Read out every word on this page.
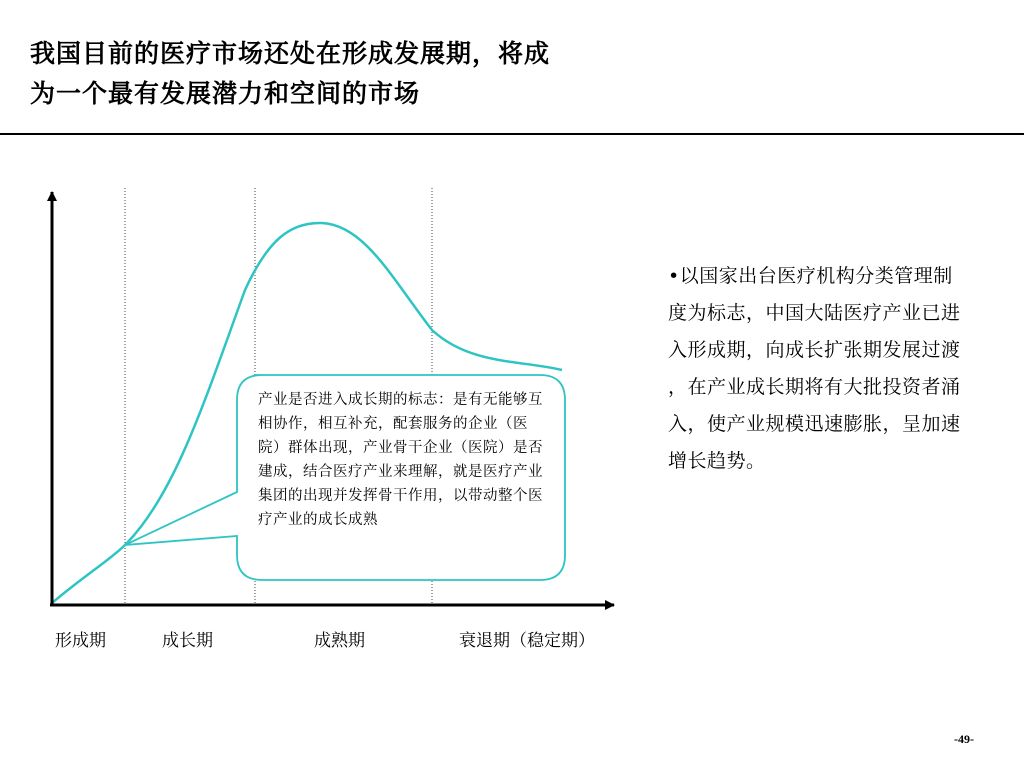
我国目前的医疗市场还处在形成发展期，将成
为一个最有发展潜力和空间的市场
产业是否进入成长期的标志：是有无能够互相协作，相互补充，配套服务的企业（医院）群体出现，产业骨干企业（医院）是否建成，结合医疗产业来理解，就是医疗产业集团的出现并发挥骨干作用，以带动整个医疗产业的成长成熟
形成期	成长期	成熟期	衰退期（稳定期）
•以国家出台医疗机构分类管理制度为标志，中国大陆医疗产业已进入形成期，向成长扩张期发展过渡 ，在产业成长期将有大批投资者涌入，使产业规模迅速膨胀，呈加速增长趋势。
-49-
